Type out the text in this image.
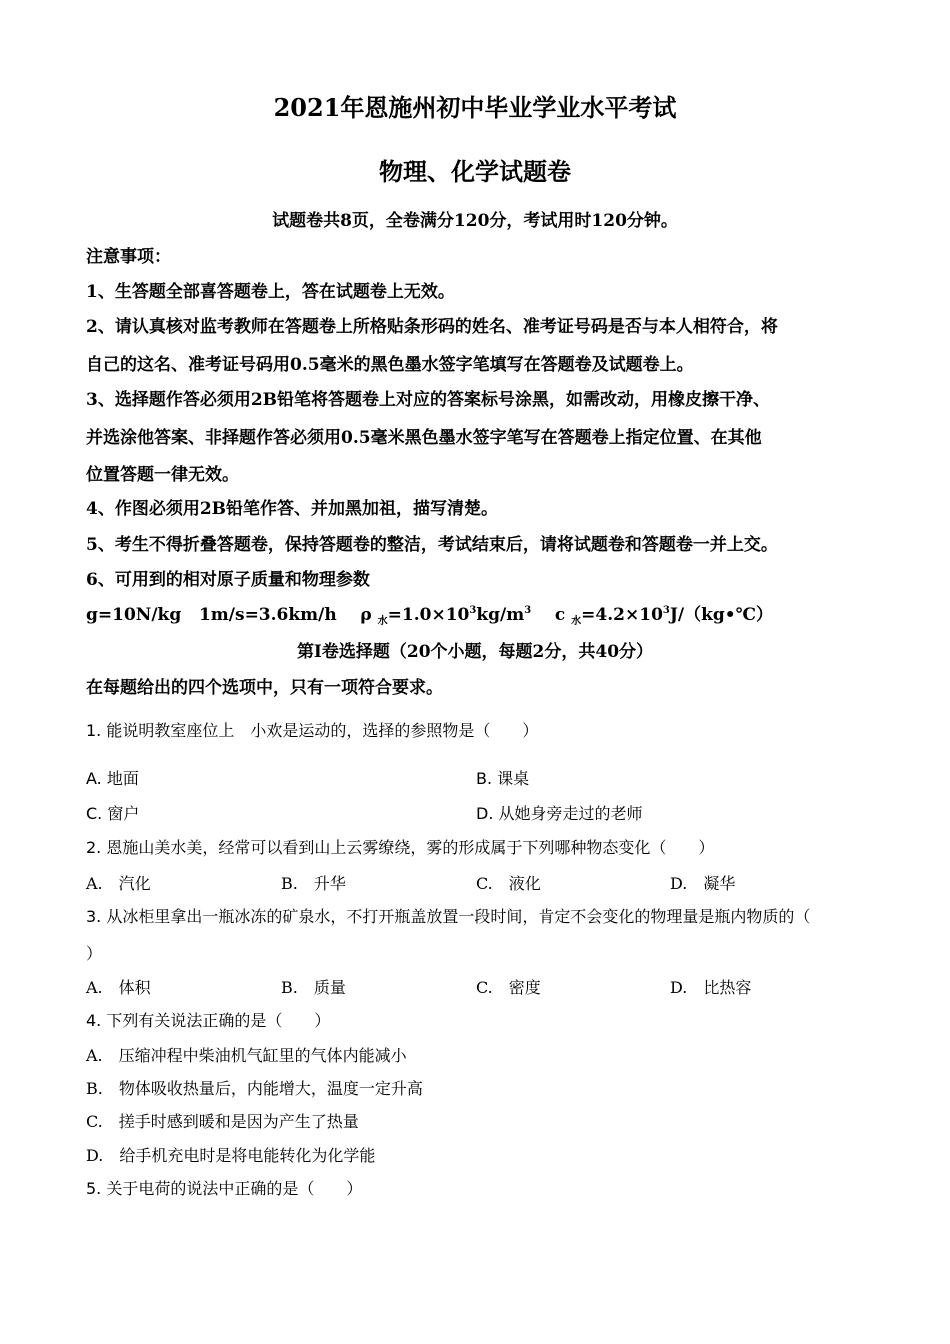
2021年恩施州初中毕业学业水平考试
物理、化学试题卷
试题卷共8页，全卷满分120分，考试用时120分钟。
注意事项：
1、生答题全部喜答题卷上，答在试题卷上无效。
2、请认真核对监考教师在答题卷上所格贴条形码的姓名、准考证号码是否与本人相符合，将
自己的这名、准考证号码用0.5毫米的黑色墨水签字笔填写在答题卷及试题卷上。
3、选择题作答必须用2B铅笔将答题卷上对应的答案标号涂黑，如需改动，用橡皮擦干净、
并选涂他答案、非择题作答必须用0.5毫米黑色墨水签字笔写在答题卷上指定位置、在其他
位置答题一律无效。
4、作图必须用2B铅笔作答、并加黑加祖，描写清楚。
5、考生不得折叠答题卷，保持答题卷的整洁，考试结束后，请将试题卷和答题卷一并上交。
6、可用到的相对原子质量和物理参数
g=10N/kg 1m/s=3.6km/h ρ $_水=1.0\times 10^3kg/m^3$ c $_水=4.2\times 10^3J/(kg•℃)$
第I卷选择题（20个小题，每题2分，共40分）
在每题给出的四个选项中，只有一项符合要求。
1. 能说明教室座位上　小欢是运动的，选择的参照物是（　　）
A. 地面	B. 课桌
C. 窗户	D. 从她身旁走过的老师
2. 恩施山美水美，经常可以看到山上云雾缭绕，雾的形成属于下列哪种物态变化（　　）
A.　汽化	B.　升华	C.　液化	D.　凝华
3. 从冰柜里拿出一瓶冰冻的矿泉水，不打开瓶盖放置一段时间，肯定不会变化的物理量是瓶内物质的（
）
A.　体积	B.　质量	C.　密度	D.　比热容
4. 下列有关说法正确的是（　　）
A.　压缩冲程中柴油机气缸里的气体内能减小
B.　物体吸收热量后，内能增大，温度一定升高
C.　搓手时感到暖和是因为产生了热量
D.　给手机充电时是将电能转化为化学能
5. 关于电荷的说法中正确的是（　　）
